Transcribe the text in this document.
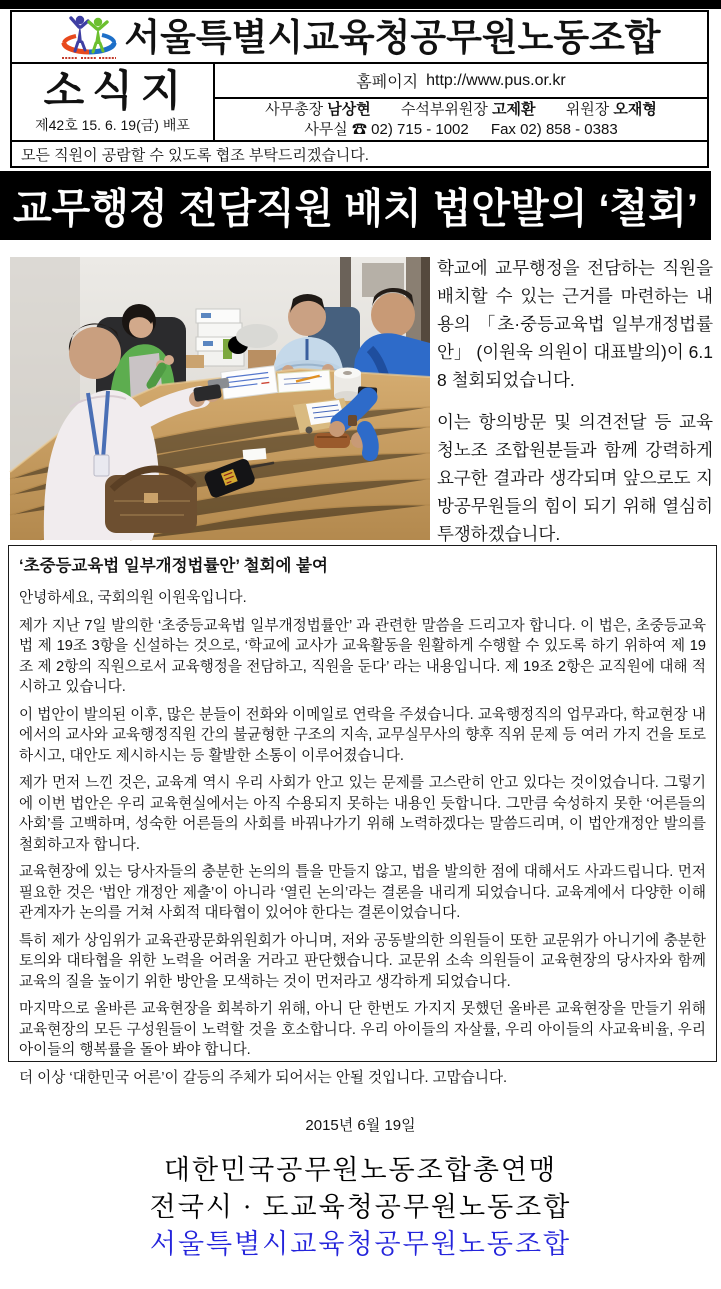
서울특별시교육청공무원노동조합
소식지
제42호 15. 6. 19(금) 배포
홈페이지 http://www.pus.or.kr
사무총장 남상현 수석부위원장 고제환 위원장 오재형
사무실 ☎ 02) 715 - 1002 Fax 02) 858 - 0383
모든 직원이 공람할 수 있도록 협조 부탁드리겠습니다.
교무행정 전담직원 배치 법안발의 ‘철회’

학교에 교무행정을 전담하는 직원을 배치할 수 있는 근거를 마련하는 내용의 「초·중등교육법 일부개정법률안」 (이원욱 의원이 대표발의)이 6.18 철회되었습니다.

이는 항의방문 및 의견전달 등 교육청노조 조합원분들과 함께 강력하게 요구한 결과라 생각되며 앞으로도 지방공무원들의 힘이 되기 위해 열심히 투쟁하겠습니다.

‘초중등교육법 일부개정법률안’ 철회에 붙여

안녕하세요, 국회의원 이원욱입니다.

제가 지난 7일 발의한 ‘초중등교육법 일부개정법률안’ 과 관련한 말씀을 드리고자 합니다. 이 법은, 초중등교육법 제 19조 3항을 신설하는 것으로, ‘학교에 교사가 교육활동을 원활하게 수행할 수 있도록 하기 위하여 제 19조 제 2항의 직원으로서 교육행정을 전담하고, 직원을 둔다’ 라는 내용입니다. 제 19조 2항은 교직원에 대해 적시하고 있습니다.

이 법안이 발의된 이후, 많은 분들이 전화와 이메일로 연락을 주셨습니다. 교육행정직의 업무과다, 학교현장 내에서의 교사와 교육행정직원 간의 불균형한 구조의 지속, 교무실무사의 향후 직위 문제 등 여러 가지 건을 토로하시고, 대안도 제시하시는 등 활발한 소통이 이루어졌습니다.

제가 먼저 느낀 것은, 교육계 역시 우리 사회가 안고 있는 문제를 고스란히 안고 있다는 것이었습니다. 그렇기에 이번 법안은 우리 교육현실에서는 아직 수용되지 못하는 내용인 듯합니다. 그만큼 숙성하지 못한 ‘어른들의 사회’를 고백하며, 성숙한 어른들의 사회를 바꿔나가기 위해 노력하겠다는 말씀드리며, 이 법안개정안 발의를 철회하고자 합니다.

교육현장에 있는 당사자들의 충분한 논의의 틀을 만들지 않고, 법을 발의한 점에 대해서도 사과드립니다. 먼저 필요한 것은 ‘법안 개정안 제출’이 아니라 ‘열린 논의’라는 결론을 내리게 되었습니다. 교육계에서 다양한 이해관계자가 논의를 거쳐 사회적 대타협이 있어야 한다는 결론이었습니다.

특히 제가 상임위가 교육관광문화위원회가 아니며, 저와 공동발의한 의원들이 또한 교문위가 아니기에 충분한 토의와 대타협을 위한 노력을 어려울 거라고 판단했습니다. 교문위 소속 의원들이 교육현장의 당사자와 함께 교육의 질을 높이기 위한 방안을 모색하는 것이 먼저라고 생각하게 되었습니다.

마지막으로 올바른 교육현장을 회복하기 위해, 아니 단 한번도 가지지 못했던 올바른 교육현장을 만들기 위해 교육현장의 모든 구성원들이 노력할 것을 호소합니다. 우리 아이들의 자살률, 우리 아이들의 사교육비율, 우리 아이들의 행복률을 돌아 봐야 합니다.

더 이상 ‘대한민국 어른’이 갈등의 주체가 되어서는 안될 것입니다. 고맙습니다.

2015년 6월 19일
대한민국공무원노동조합총연맹
전국시 · 도교육청공무원노동조합
서울특별시교육청공무원노동조합
